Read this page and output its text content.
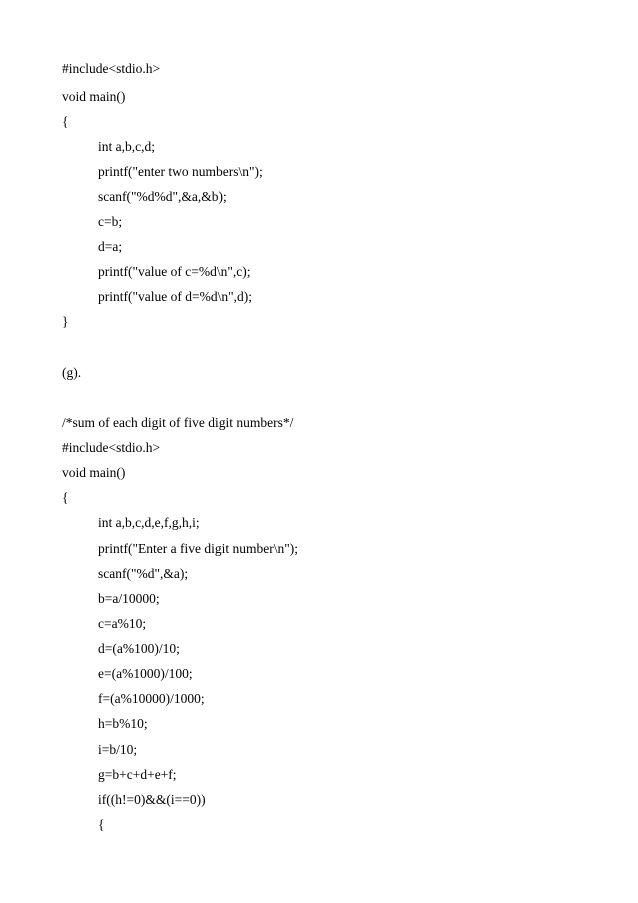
#include<stdio.h>
void main()
{
int a,b,c,d;
printf("enter two numbers\n");
scanf("%d%d",&a,&b);
c=b;
d=a;
printf("value of c=%d\n",c);
printf("value of d=%d\n",d);
}
(g).
/*sum of each digit of five digit numbers*/
#include<stdio.h>
void main()
{
int a,b,c,d,e,f,g,h,i;
printf("Enter a five digit number\n");
scanf("%d",&a);
b=a/10000;
c=a%10;
d=(a%100)/10;
e=(a%1000)/100;
f=(a%10000)/1000;
h=b%10;
i=b/10;
g=b+c+d+e+f;
if((h!=0)&&(i==0))
{
